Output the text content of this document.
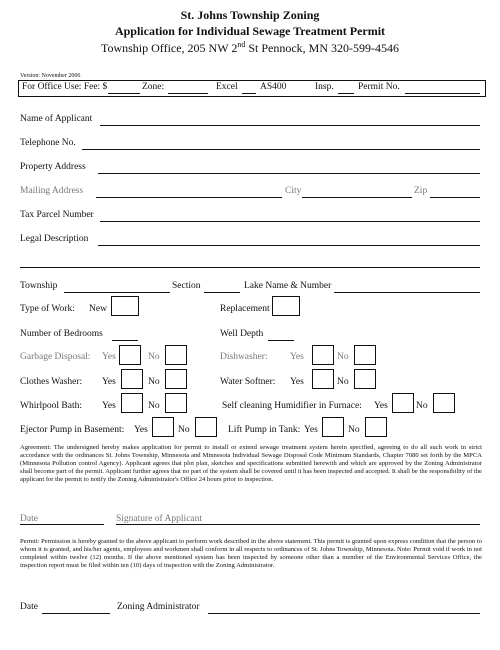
St. Johns Township Zoning
Application for Individual Sewage Treatment Permit
Township Office, 205 NW 2nd St Pennock, MN 320-599-4546
Version: November 2006
For Office Use: Fee: $	Zone:	Excel AS400	Insp.	Permit No.
Name of Applicant
Telephone No.
Property Address
Mailing Address	City	Zip
Tax Parcel Number
Legal Description
Township	Section	Lake Name & Number
Type of Work: New	Replacement
Number of Bedrooms	Well Depth
Garbage Disposal: Yes	No	Dishwasher: Yes	No
Clothes Washer: Yes	No	Water Softner: Yes	No
Whirlpool Bath: Yes	No	Self cleaning Humidifier in Furnace: Yes	No
Ejector Pump in Basement: Yes	No	Lift Pump in Tank: Yes	No
Agreement: The undersigned hereby makes application for permit to install or extend sewage treatment system herein specified, agreeing to do all such work in strict accordance with the ordinances St. Johns Township, Minnesota and Minnesota Individual Sewage Disposal Code Minimum Standards, Chapter 7080 set forth by the MPCA (Minnesota Pollution control Agency). Applicant agrees that plot plan, sketches and specifications submitted herewith and which are approved by the Zoning Administrator shall become part of the permit. Applicant further agrees that no part of the system shall be covered until it has been inspected and accepted. It shall be the responsibility of the applicant for the permit to notify the Zoning Administrator's Office 24 hours prior to inspection.
Date	Signature of Applicant
Permit: Permission is hereby granted to the above applicant to perform work described in the above statement. This permit is granted upon express condition that the person to whom it is granted, and his/her agents, employees and workmen shall conform in all respects to ordinances of St. Johns Township, Minnesota. Note: Permit void if work in not completed within twelve (12) months. If the above mentioned system has been inspected by someone other than a member of the Environmental Services Office, the inspection report must be filed within ten (10) days of inspection with the Zoning Administrator.
Date	Zoning Administrator
